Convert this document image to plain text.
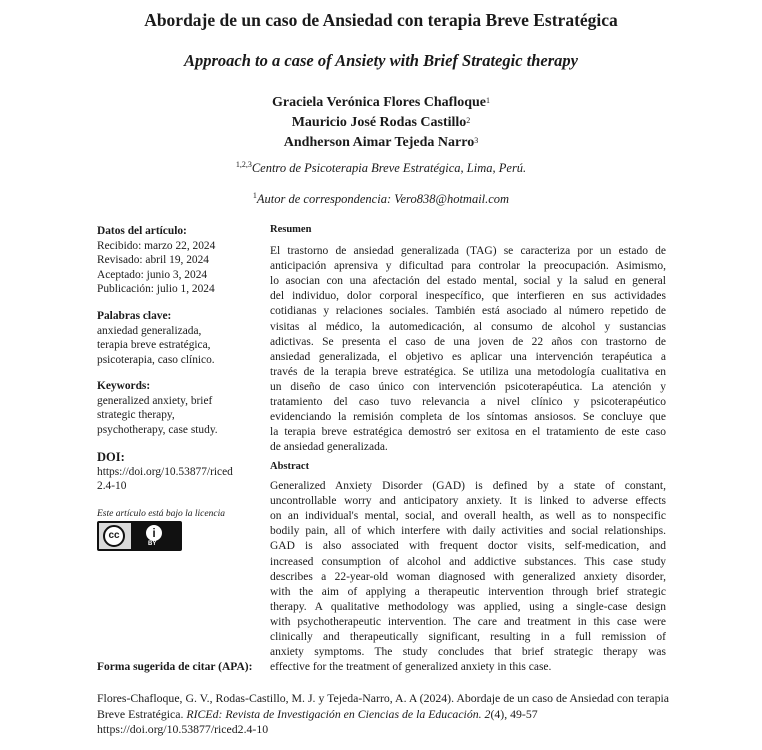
Abordaje de un caso de Ansiedad con terapia Breve Estratégica
Approach to a case of Ansiety with Brief Strategic therapy
Graciela Verónica Flores Chafloque$^1$
Mauricio José Rodas Castillo$^2$
Andherson Aimar Tejeda Narro$^3$
$^{1,2,3}$Centro de Psicoterapia Breve Estratégica, Lima, Perú.
$^1$Autor de correspondencia: Vero838@hotmail.com
Datos del artículo:
Recibido: marzo 22, 2024
Revisado: abril 19, 2024
Aceptado: junio 3, 2024
Publicación: julio 1, 2024
Palabras clave:
anxiedad generalizada,
terapia breve estratégica,
psicoterapia, caso clínico.
Keywords:
generalized anxiety, brief
strategic therapy,
psychotherapy, case study.
DOI:
https://doi.org/10.53877/riced
2.4-10
Este artículo está bajo la licencia
cc	i
BY
Resumen
El trastorno de ansiedad generalizada (TAG) se caracteriza por un estado de
anticipación aprensiva y dificultad para controlar la preocupación. Asimismo,
lo asocian con una afectación del estado mental, social y la salud en general
del individuo, dolor corporal inespecífico, que interfieren en sus actividades
cotidianas y relaciones sociales. También está asociado al número repetido de
visitas al médico, la automedicación, al consumo de alcohol y sustancias
adictivas. Se presenta el caso de una joven de 22 años con trastorno de
ansiedad generalizada, el objetivo es aplicar una intervención terapéutica a
través de la terapia breve estratégica. Se utiliza una metodología cualitativa en
un diseño de caso único con intervención psicoterapéutica. La atención y
tratamiento del caso tuvo relevancia a nivel clínico y psicoterapéutico
evidenciando la remisión completa de los síntomas ansiosos. Se concluye que
la terapia breve estratégica demostró ser exitosa en el tratamiento de este caso
de ansiedad generalizada.
Abstract
Generalized Anxiety Disorder (GAD) is defined by a state of constant,
uncontrollable worry and anticipatory anxiety. It is linked to adverse effects
on an individual's mental, social, and overall health, as well as to nonspecific
bodily pain, all of which interfere with daily activities and social relationships.
GAD is also associated with frequent doctor visits, self-medication, and
increased consumption of alcohol and addictive substances. This case study
describes a 22-year-old woman diagnosed with generalized anxiety disorder,
with the aim of applying a therapeutic intervention through brief strategic
therapy. A qualitative methodology was applied, using a single-case design
with psychotherapeutic intervention. The care and treatment in this case were
clinically and therapeutically significant, resulting in a full remission of
anxiety symptoms. The study concludes that brief strategic therapy was
effective for the treatment of generalized anxiety in this case.
Forma sugerida de citar (APA):
Flores-Chafloque, G. V., Rodas-Castillo, M. J. y Tejeda-Narro, A. A (2024). Abordaje de un caso de Ansiedad con terapia Breve Estratégica. RICEd: Revista de Investigación en Ciencias de la Educación. 2(4), 49-57
https://doi.org/10.53877/riced2.4-10
